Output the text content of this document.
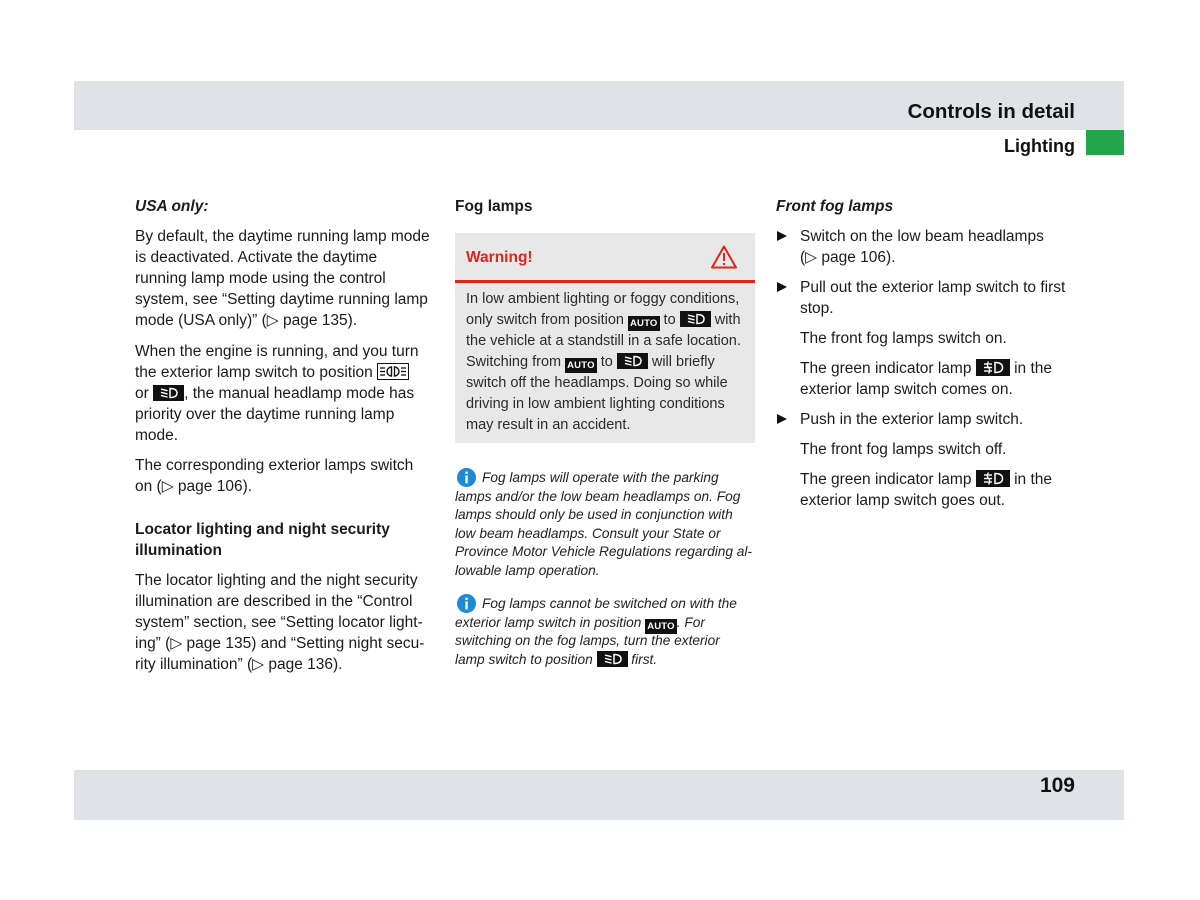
Controls in detail
Lighting
USA only:
By default, the daytime running lamp mode
is deactivated. Activate the daytime
running lamp mode using the control
system, see “Setting daytime running lamp
mode (USA only)” (▷ page 135).
When the engine is running, and you turn
the exterior lamp switch to position
or
, the manual headlamp mode has
priority over the daytime running lamp
mode.
The corresponding exterior lamps switch
on (▷ page 106).
Locator lighting and night security
illumination
The locator lighting and the night security
illumination are described in the “Control
system” section, see “Setting locator light-
ing” (▷ page 135) and “Setting night secu-
rity illumination” (▷ page 136).
Fog lamps
Warning!
In low ambient lighting or foggy conditions,
only switch from position AUTO to
with
the vehicle at a standstill in a safe location.
Switching from AUTO to
will briefly
switch off the headlamps. Doing so while
driving in low ambient lighting conditions
may result in an accident.
Fog lamps will operate with the parking
lamps and/or the low beam headlamps on. Fog
lamps should only be used in conjunction with
low beam headlamps. Consult your State or
Province Motor Vehicle Regulations regarding al-
lowable lamp operation.
Fog lamps cannot be switched on with the
exterior lamp switch in position AUTO . For
switching on the fog lamps, turn the exterior
lamp switch to position
first.
Front fog lamps
Switch on the low beam headlamps
(▷ page 106).
Pull out the exterior lamp switch to first
stop.
The front fog lamps switch on.
The green indicator lamp
in the
exterior lamp switch comes on.
Push in the exterior lamp switch.
The front fog lamps switch off.
The green indicator lamp
in the
exterior lamp switch goes out.
109
